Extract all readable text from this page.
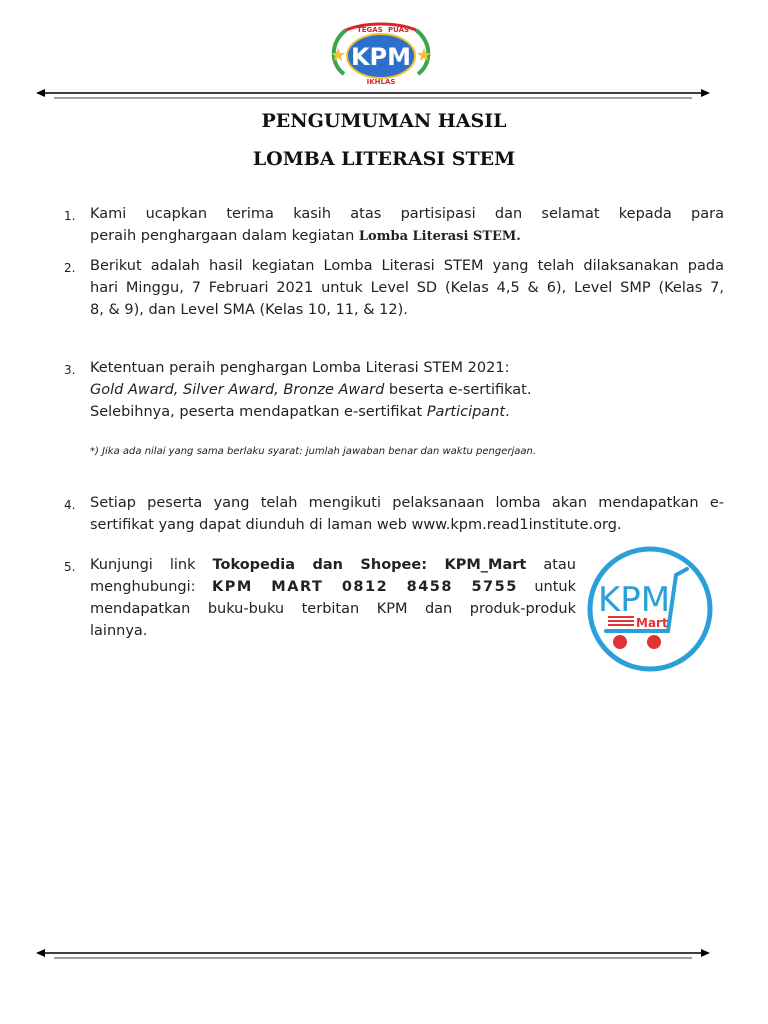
TEGAS PUAS
KPM
IKHLAS
PENGUMUMAN HASIL
LOMBA LITERASI STEM
1. Kami ucapkan terima kasih atas partisipasi dan selamat kepada para
peraih penghargaan dalam kegiatan Lomba Literasi STEM.
2. Berikut adalah hasil kegiatan Lomba Literasi STEM yang telah dilaksanakan pada
hari Minggu, 7 Februari 2021 untuk Level SD (Kelas 4,5 & 6), Level SMP (Kelas 7,
8, & 9), dan Level SMA (Kelas 10, 11, & 12).
3. Ketentuan peraih penghargan Lomba Literasi STEM 2021:
Gold Award, Silver Award, Bronze Award beserta e-sertifikat.
Selebihnya, peserta mendapatkan e-sertifikat Participant.
*) Jika ada nilai yang sama berlaku syarat: jumlah jawaban benar dan waktu pengerjaan.
4. Setiap peserta yang telah mengikuti pelaksanaan lomba akan mendapatkan e-
sertifikat yang dapat diunduh di laman web www.kpm.read1institute.org.
5. Kunjungi link Tokopedia dan Shopee: KPM_Mart atau
menghubungi: KPM MART 0812 8458 5755 untuk
mendapatkan buku-buku terbitan KPM dan produk-produk
lainnya.
KPM
Mart
